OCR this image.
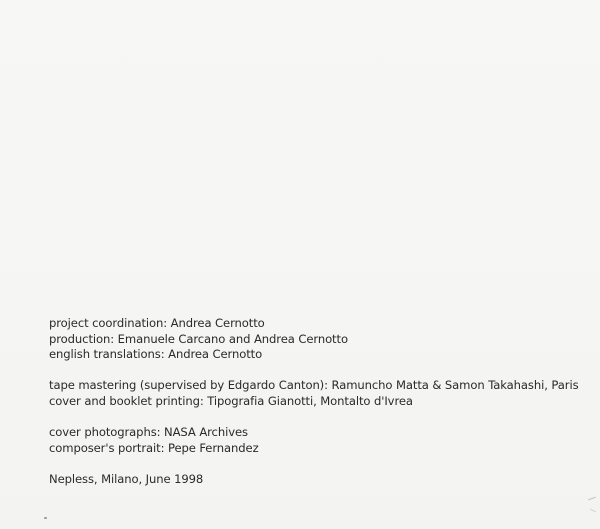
project coordination: Andrea Cernotto
production: Emanuele Carcano and Andrea Cernotto
english translations: Andrea Cernotto
tape mastering (supervised by Edgardo Canton): Ramuncho Matta & Samon Takahashi, Paris
cover and booklet printing: Tipografia Gianotti, Montalto d'Ivrea
cover photographs: NASA Archives
composer's portrait: Pepe Fernandez
Nepless, Milano, June 1998
